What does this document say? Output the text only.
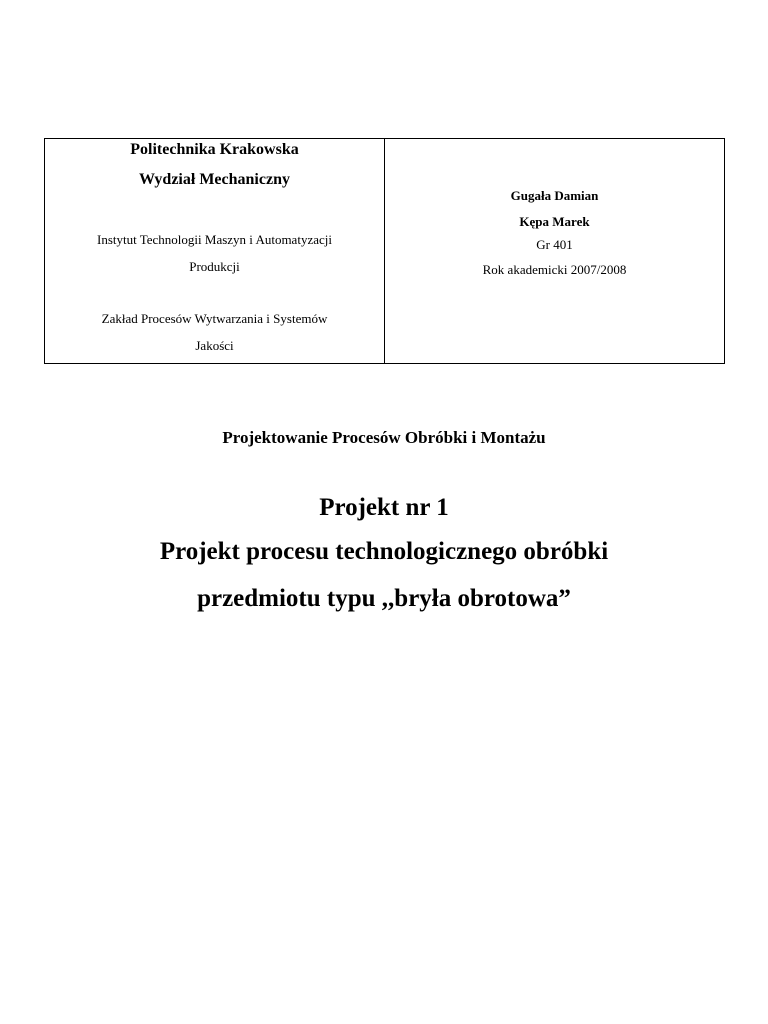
Politechnika Krakowska
Wydział Mechaniczny
Instytut Technologii Maszyn i Automatyzacji
Produkcji
Zakład Procesów Wytwarzania i Systemów
Jakości
Gugała Damian
Kępa Marek
Gr 401
Rok akademicki 2007/2008
Projektowanie Procesów Obróbki i Montażu
Projekt nr 1
Projekt procesu technologicznego obróbki
przedmiotu typu ,,bryła obrotowa”
